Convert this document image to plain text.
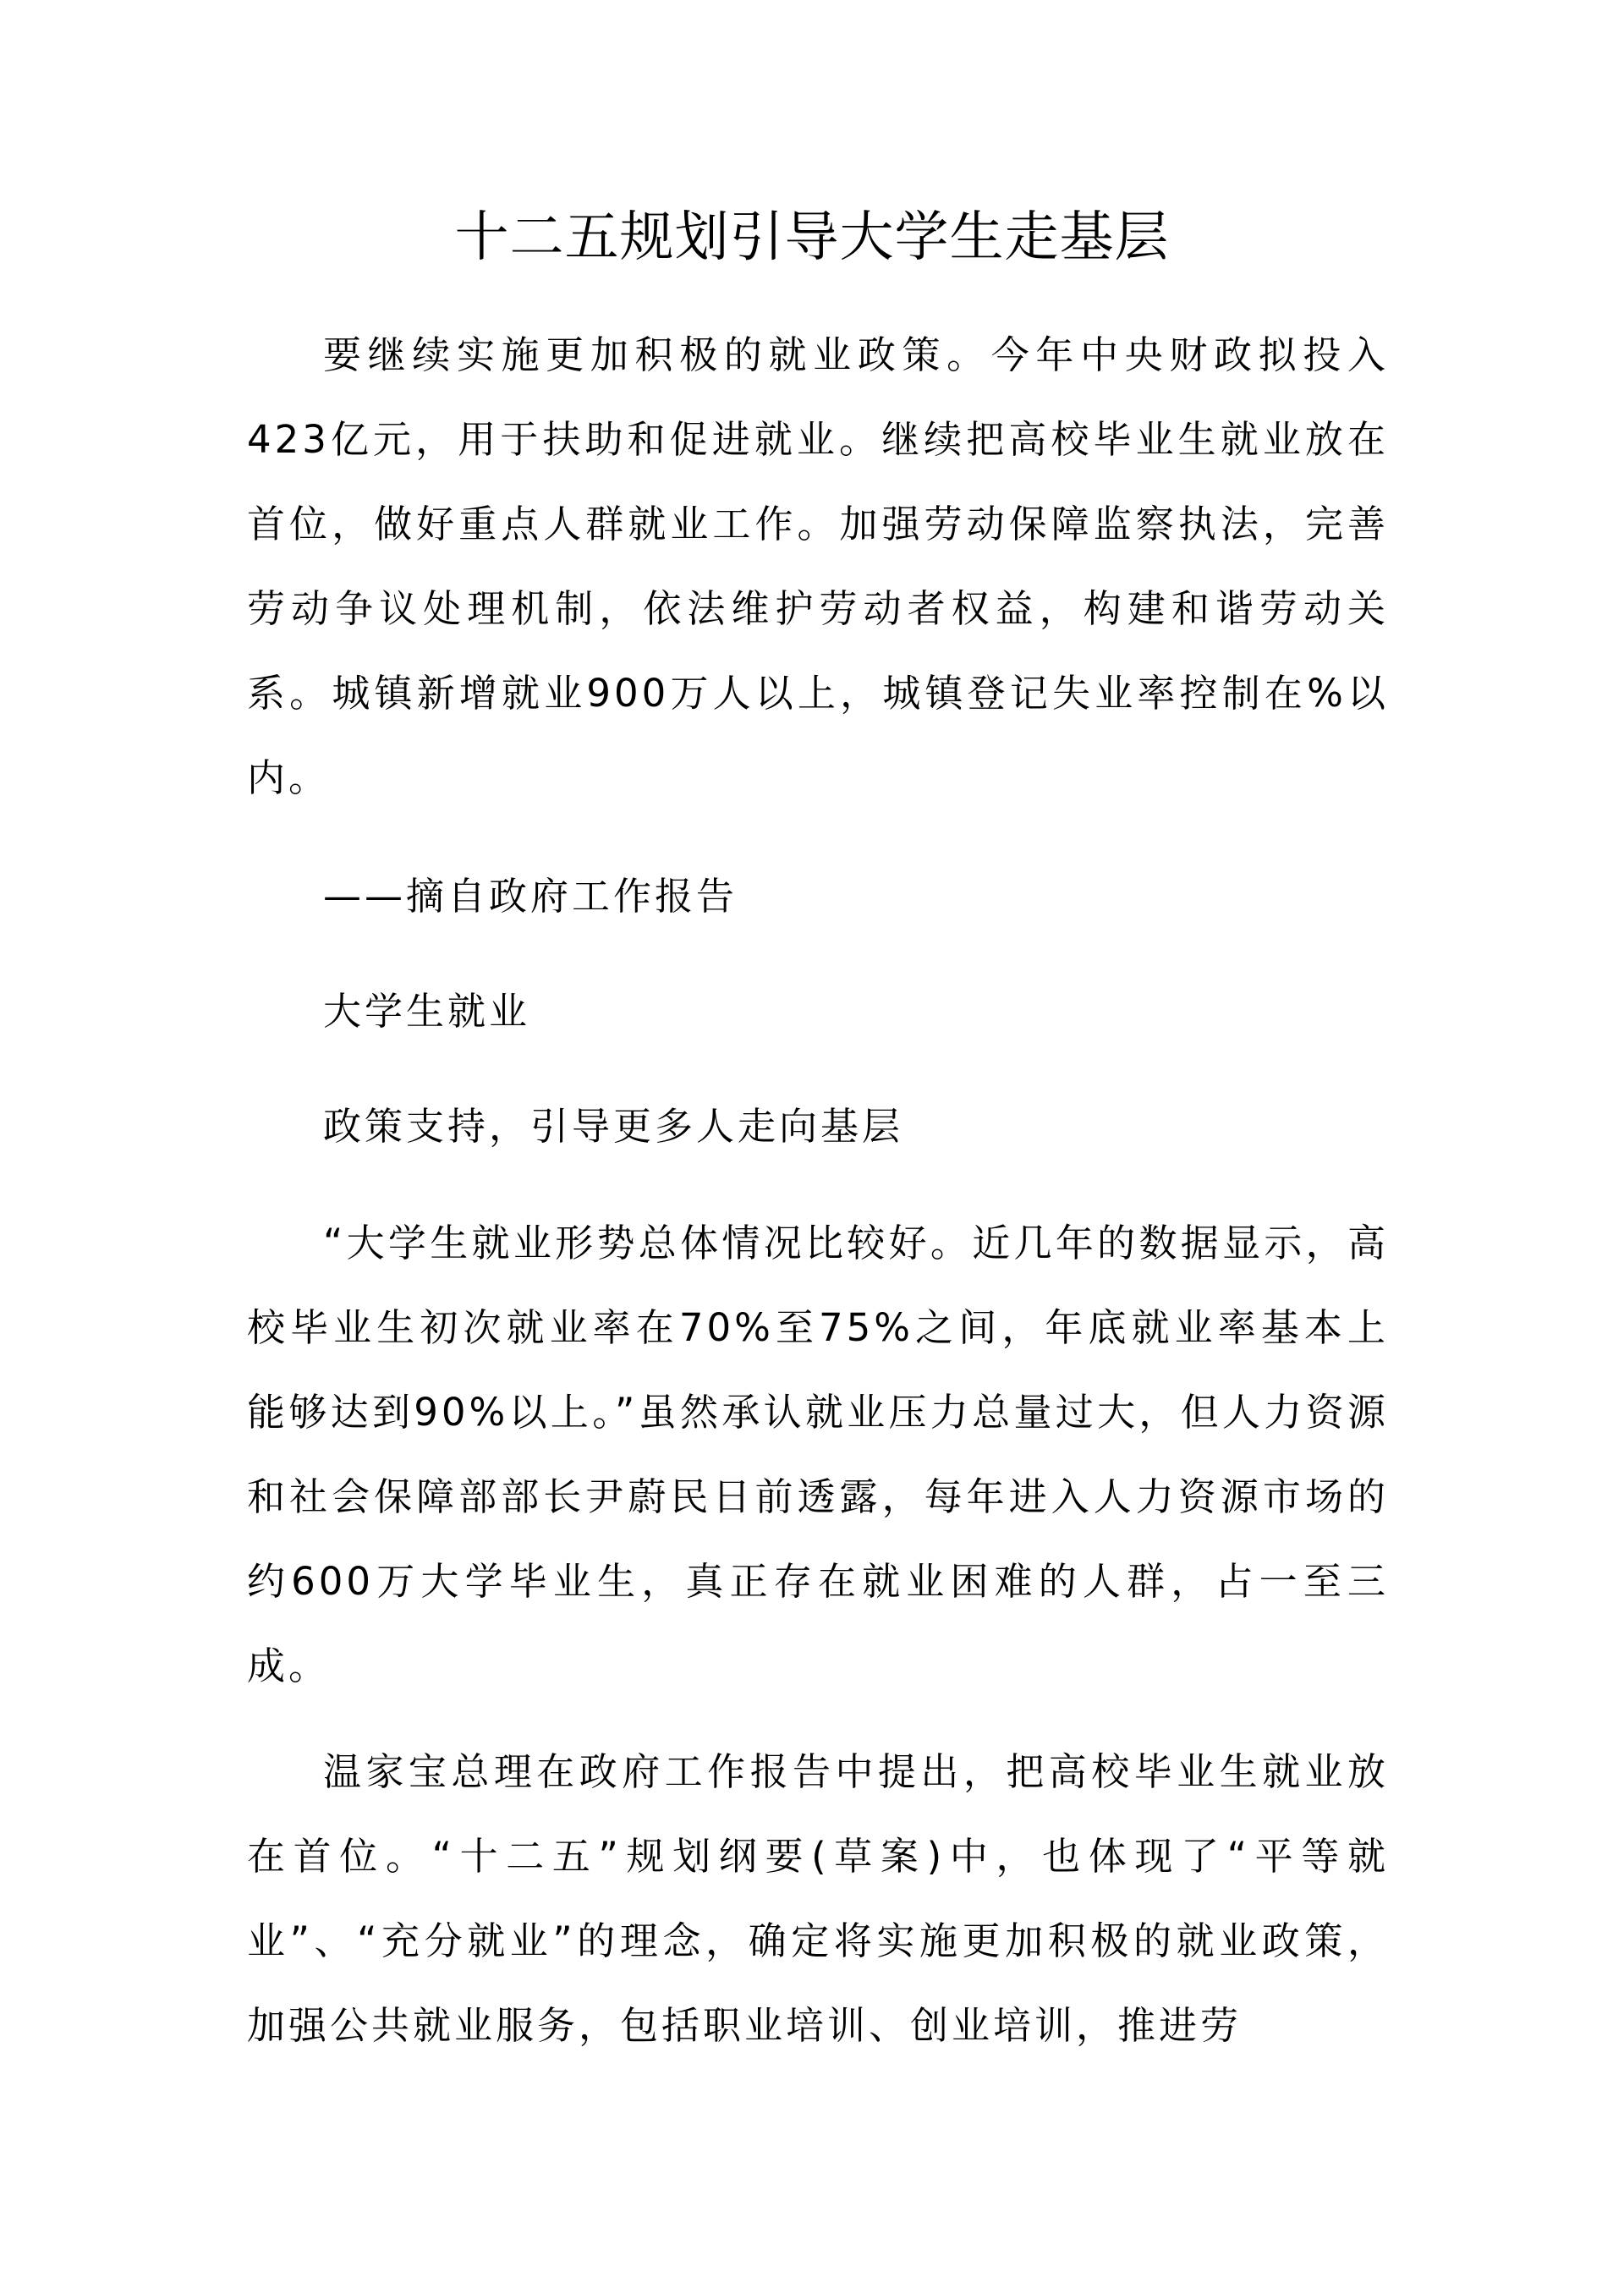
十二五规划引导大学生走基层

要继续实施更加积极的就业政策。今年中央财政拟投入423亿元，用于扶助和促进就业。继续把高校毕业生就业放在首位，做好重点人群就业工作。加强劳动保障监察执法，完善劳动争议处理机制，依法维护劳动者权益，构建和谐劳动关系。城镇新增就业900万人以上，城镇登记失业率控制在%以内。

——摘自政府工作报告

大学生就业

政策支持，引导更多人走向基层

“大学生就业形势总体情况比较好。近几年的数据显示，高校毕业生初次就业率在70%至75%之间，年底就业率基本上能够达到90%以上。”虽然承认就业压力总量过大，但人力资源和社会保障部部长尹蔚民日前透露，每年进入人力资源市场的约600万大学毕业生，真正存在就业困难的人群，占一至三成。

温家宝总理在政府工作报告中提出，把高校毕业生就业放在首位。“十二五”规划纲要(草案)中，也体现了“平等就业”、“充分就业”的理念，确定将实施更加积极的就业政策，加强公共就业服务，包括职业培训、创业培训，推进劳
